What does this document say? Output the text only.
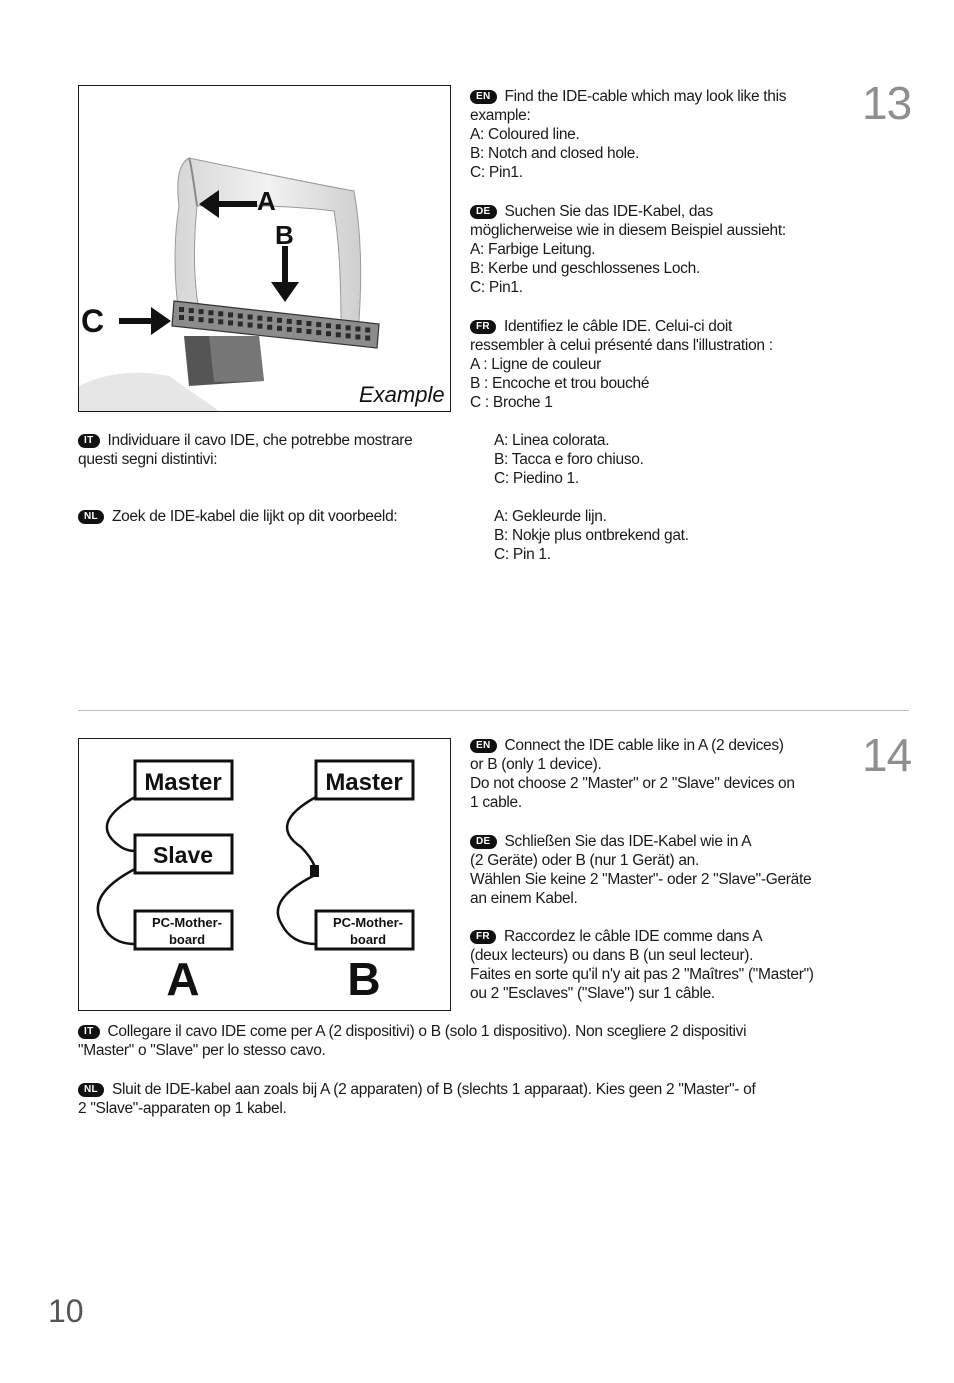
A
B
C
Example
13
EN Find the IDE-cable which may look like this
example:
A: Coloured line.
B: Notch and closed hole.
C: Pin1.
DE Suchen Sie das IDE-Kabel, das
möglicherweise wie in diesem Beispiel aussieht:
A: Farbige Leitung.
B: Kerbe und geschlossenes Loch.
C: Pin1.
FR Identifiez le câble IDE. Celui-ci doit
ressembler à celui présenté dans l'illustration :
A : Ligne de couleur
B : Encoche et trou bouché
C : Broche 1
IT Individuare il cavo IDE, che potrebbe mostrare
questi segni distintivi:
A: Linea colorata.
B: Tacca e foro chiuso.
C: Piedino 1.
NL Zoek de IDE-kabel die lijkt op dit voorbeeld:	A: Gekleurde lijn.
B: Nokje plus ontbrekend gat.
C: Pin 1.
Master
Slave
PC-Mother-
board
A
Master
PC-Mother-
board
B
14
EN Connect the IDE cable like in A (2 devices)
or B (only 1 device).
Do not choose 2 "Master" or 2 "Slave" devices on
1 cable.
DE Schließen Sie das IDE-Kabel wie in A
(2 Geräte) oder B (nur 1 Gerät) an.
Wählen Sie keine 2 "Master"- oder 2 "Slave"-Geräte
an einem Kabel.
FR Raccordez le câble IDE comme dans A
(deux lecteurs) ou dans B (un seul lecteur).
Faites en sorte qu'il n'y ait pas 2 "Maîtres" ("Master")
ou 2 "Esclaves" ("Slave") sur 1 câble.
IT Collegare il cavo IDE come per A (2 dispositivi) o B (solo 1 dispositivo). Non scegliere 2 dispositivi
"Master" o "Slave" per lo stesso cavo.
NL Sluit de IDE-kabel aan zoals bij A (2 apparaten) of B (slechts 1 apparaat). Kies geen 2 "Master"- of
2 "Slave"-apparaten op 1 kabel.
10
